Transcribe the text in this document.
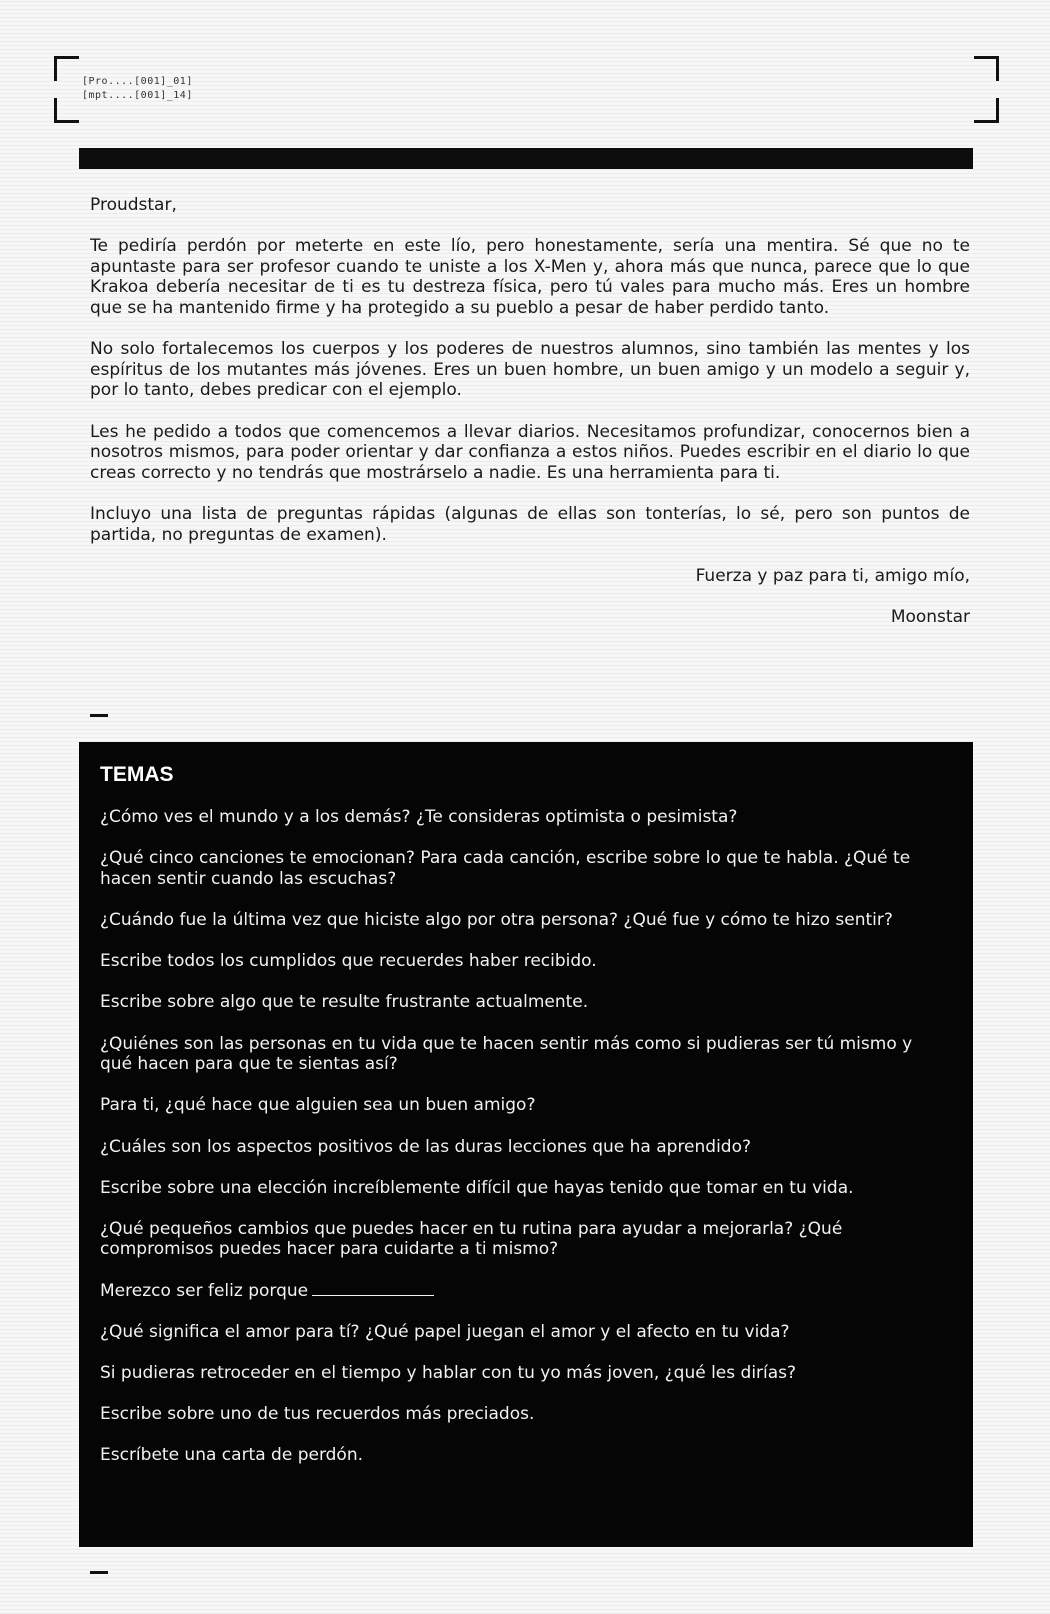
[Pro....[001]_01]
[mpt....[001]_14]

Proudstar,

Te pediría perdón por meterte en este lío, pero honestamente, sería una mentira. Sé que no te apuntaste para ser profesor cuando te uniste a los X-Men y, ahora más que nunca, parece que lo que Krakoa debería necesitar de ti es tu destreza física, pero tú vales para mucho más. Eres un hombre que se ha mantenido firme y ha protegido a su pueblo a pesar de haber perdido tanto.

No solo fortalecemos los cuerpos y los poderes de nuestros alumnos, sino también las mentes y los espíritus de los mutantes más jóvenes. Eres un buen hombre, un buen amigo y un modelo a seguir y, por lo tanto, debes predicar con el ejemplo.

Les he pedido a todos que comencemos a llevar diarios. Necesitamos profundizar, conocernos bien a nosotros mismos, para poder orientar y dar confianza a estos niños. Puedes escribir en el diario lo que creas correcto y no tendrás que mostrárselo a nadie. Es una herramienta para ti.

Incluyo una lista de preguntas rápidas (algunas de ellas son tonterías, lo sé, pero son puntos de partida, no preguntas de examen).

Fuerza y paz para ti, amigo mío,

Moonstar

TEMAS
¿Cómo ves el mundo y a los demás? ¿Te consideras optimista o pesimista?
¿Qué cinco canciones te emocionan? Para cada canción, escribe sobre lo que te habla. ¿Qué te hacen sentir cuando las escuchas?
¿Cuándo fue la última vez que hiciste algo por otra persona? ¿Qué fue y cómo te hizo sentir?
Escribe todos los cumplidos que recuerdes haber recibido.
Escribe sobre algo que te resulte frustrante actualmente.
¿Quiénes son las personas en tu vida que te hacen sentir más como si pudieras ser tú mismo y qué hacen para que te sientas así?
Para ti, ¿qué hace que alguien sea un buen amigo?
¿Cuáles son los aspectos positivos de las duras lecciones que ha aprendido?
Escribe sobre una elección increíblemente difícil que hayas tenido que tomar en tu vida.
¿Qué pequeños cambios que puedes hacer en tu rutina para ayudar a mejorarla? ¿Qué compromisos puedes hacer para cuidarte a ti mismo?
Merezco ser feliz porque
¿Qué significa el amor para tí? ¿Qué papel juegan el amor y el afecto en tu vida?
Si pudieras retroceder en el tiempo y hablar con tu yo más joven, ¿qué les dirías?
Escribe sobre uno de tus recuerdos más preciados.
Escríbete una carta de perdón.
